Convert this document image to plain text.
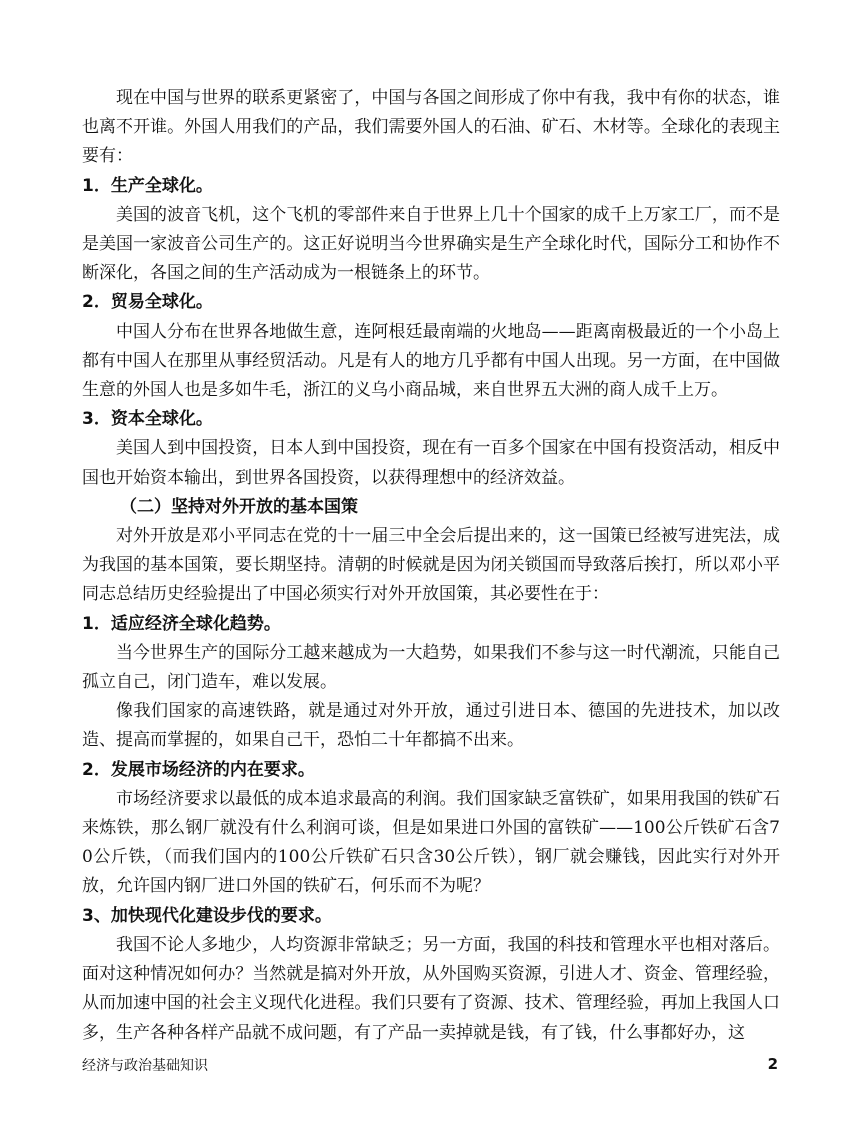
现在中国与世界的联系更紧密了，中国与各国之间形成了你中有我，我中有你的状态，谁也离不开谁。外国人用我们的产品，我们需要外国人的石油、矿石、木材等。全球化的表现主要有：

1．生产全球化。

美国的波音飞机，这个飞机的零部件来自于世界上几十个国家的成千上万家工厂，而不是是美国一家波音公司生产的。这正好说明当今世界确实是生产全球化时代，国际分工和协作不断深化，各国之间的生产活动成为一根链条上的环节。

2．贸易全球化。

中国人分布在世界各地做生意，连阿根廷最南端的火地岛——距离南极最近的一个小岛上都有中国人在那里从事经贸活动。凡是有人的地方几乎都有中国人出现。另一方面，在中国做生意的外国人也是多如牛毛，浙江的义乌小商品城，来自世界五大洲的商人成千上万。

3．资本全球化。

美国人到中国投资，日本人到中国投资，现在有一百多个国家在中国有投资活动，相反中国也开始资本输出，到世界各国投资，以获得理想中的经济效益。

（二）坚持对外开放的基本国策

对外开放是邓小平同志在党的十一届三中全会后提出来的，这一国策已经被写进宪法，成为我国的基本国策，要长期坚持。清朝的时候就是因为闭关锁国而导致落后挨打，所以邓小平同志总结历史经验提出了中国必须实行对外开放国策，其必要性在于：

1．适应经济全球化趋势。

当今世界生产的国际分工越来越成为一大趋势，如果我们不参与这一时代潮流，只能自己孤立自己，闭门造车，难以发展。

像我们国家的高速铁路，就是通过对外开放，通过引进日本、德国的先进技术，加以改造、提高而掌握的，如果自己干，恐怕二十年都搞不出来。

2．发展市场经济的内在要求。

市场经济要求以最低的成本追求最高的利润。我们国家缺乏富铁矿，如果用我国的铁矿石来炼铁，那么钢厂就没有什么利润可谈，但是如果进口外国的富铁矿——100公斤铁矿石含70公斤铁，（而我们国内的100公斤铁矿石只含30公斤铁），钢厂就会赚钱，因此实行对外开放，允许国内钢厂进口外国的铁矿石，何乐而不为呢？

3、加快现代化建设步伐的要求。

我国不论人多地少，人均资源非常缺乏；另一方面，我国的科技和管理水平也相对落后。面对这种情况如何办？当然就是搞对外开放，从外国购买资源，引进人才、资金、管理经验，从而加速中国的社会主义现代化进程。我们只要有了资源、技术、管理经验，再加上我国人口多，生产各种各样产品就不成问题，有了产品一卖掉就是钱，有了钱，什么事都好办，这

经济与政治基础知识	2
